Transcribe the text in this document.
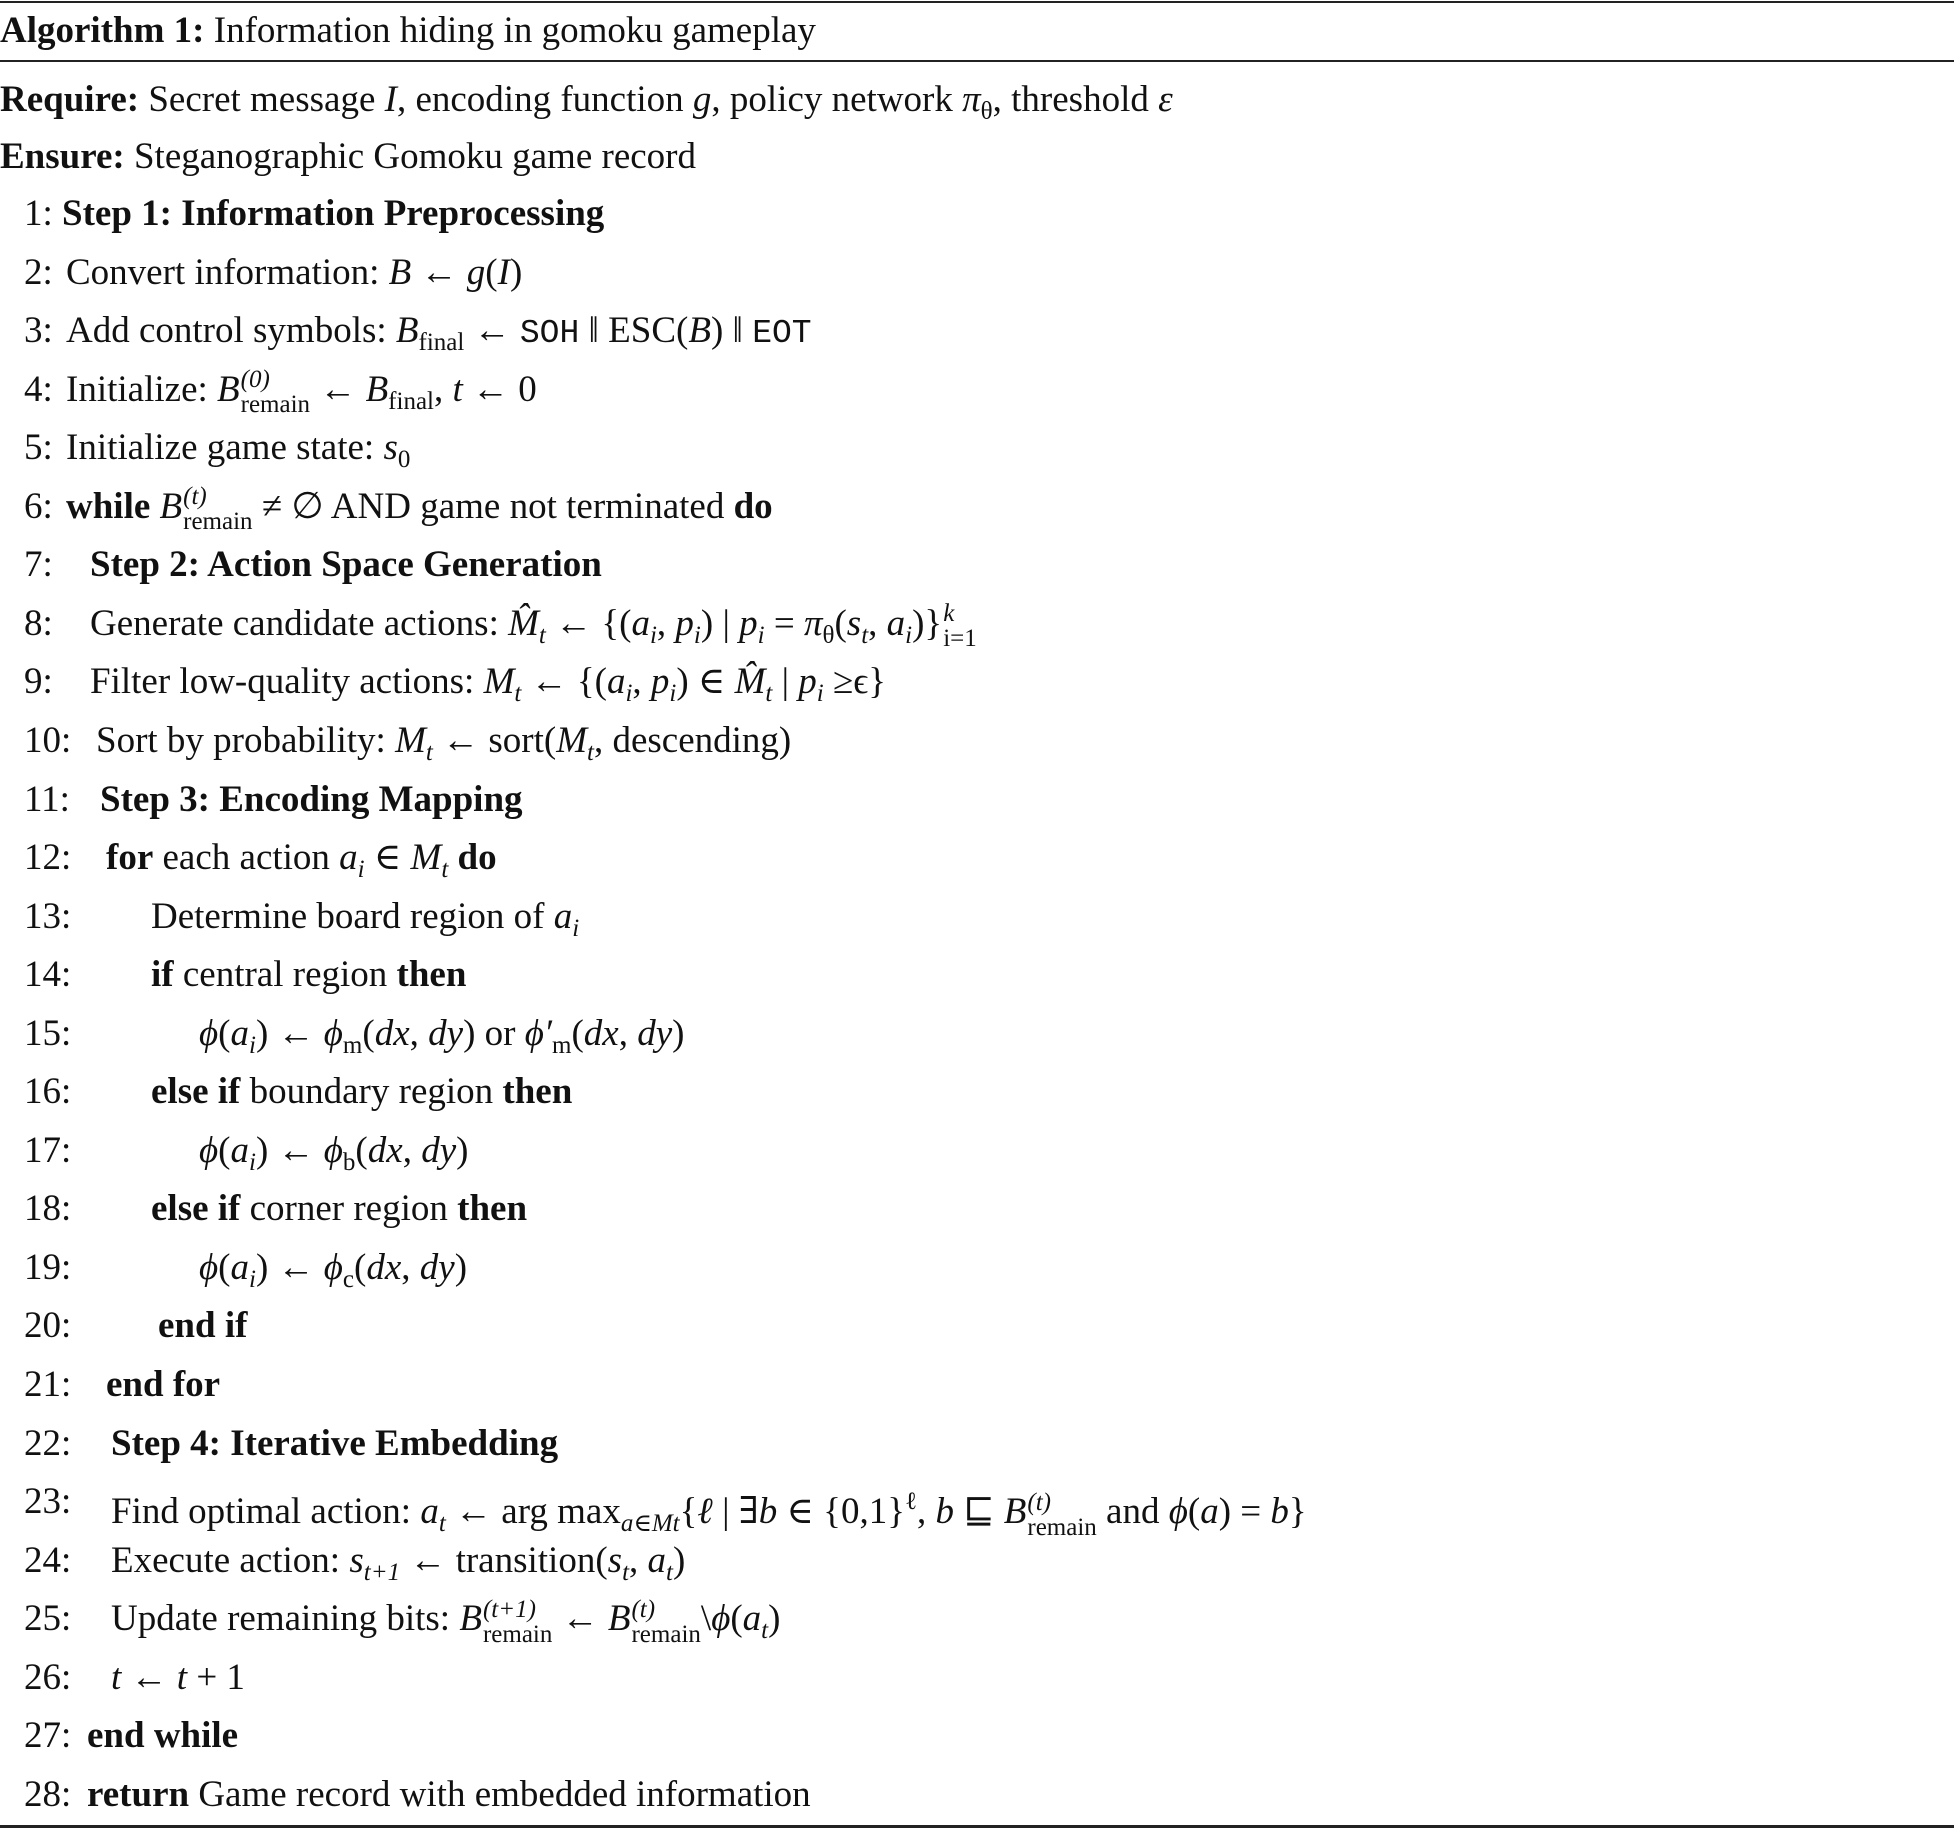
Algorithm 1: Information hiding in gomoku gameplay
Require: Secret message I, encoding function g, policy network $\pi_\theta$, threshold ε
Ensure: Steganographic Gomoku game record
1: Step 1: Information Preprocessing
2: Convert information: B ← g(I)
3: Add control symbols: $B_{final}$ ← SOH ‖ ESC(B) ‖ EOT
4: Initialize: B (0)
remain ← $B_{final}$, t ← 0
5: Initialize game state: $s_0$
6: while B (t)
remain ≠ ∅ AND game not terminated do
7: Step 2: Action Space Generation
8: Generate candidate actions: $M̂_t$ ← {($a_i$, $p_i$) | $p_i = \pi_\theta(s_t$, $a_i$)} k
i=1
9: Filter low-quality actions: $M_t$ ← {($a_i$, $p_i$) ∈ $M̂_t$ | $p_i \ge\epsilon$}
10: Sort by probability: $M_t$ ← $sort(M_t$, descending)
11: Step 3: Encoding Mapping
12: for each action $a_i$ ∈ $M_t$ do
13: Determine board region of $a_i$
14: if central region then
15:	$\phi(a_i)$ ← $\phi_m(dx$, dy) or $\phi'_m(dx$, dy)
16: else if boundary region then
17:	$\phi(a_i)$ ← $\phi_b(dx$, dy)
18: else if corner region then
19:	$\phi(a_i)$ ← $\phi_c(dx$, dy)
20: end if
21: end for
22: Step 4: Iterative Embedding
23: Find optimal action: $a_t$ ← arg $\max_{a\in Mt}\{\ell$ | ∃b ∈ $\{0,1\}^\ell$, b ⊑ B (t)
remain and ϕ(a) = b}
24: Execute action: $s_{t+1}$ ← $transition(s_t$, $a_t$)
25: Update remaining bits: B (t+1)
remain ← B (t)
remain $\backslash\phi(a_t)$
26: t ← t + 1
27: end while
28: return Game record with embedded information
